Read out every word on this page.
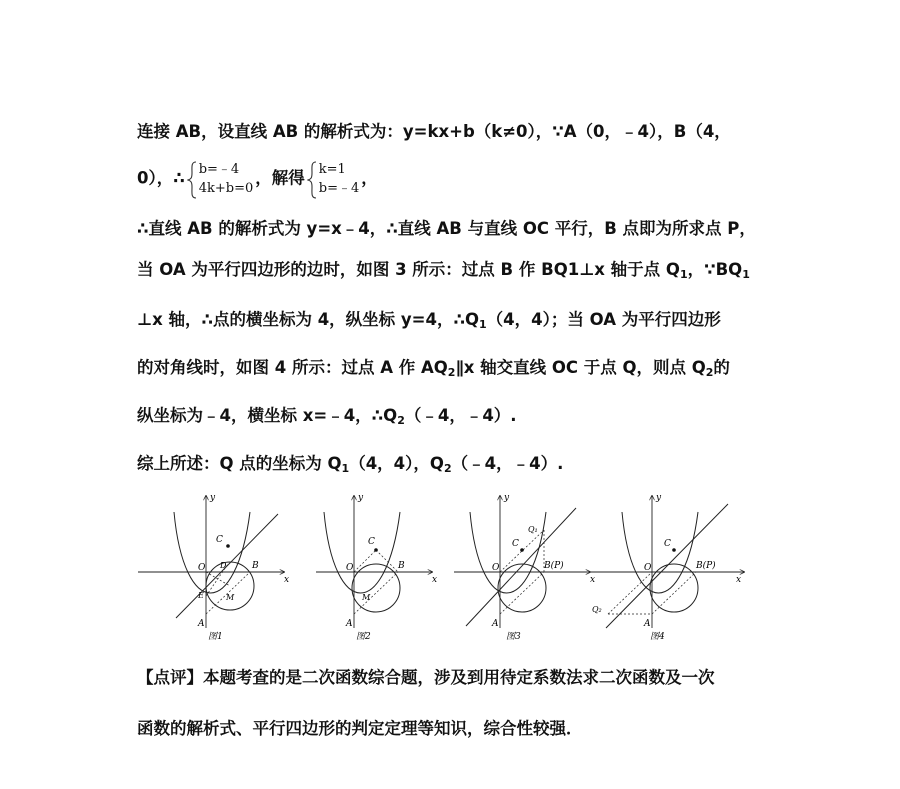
连接 AB，设直线 AB 的解析式为：y=kx+b（k≠0），∵A（0，﹣4），B（4，
0），∴ b=﹣4
4k+b=0
，解得 k=1
b=﹣4
，
∴直线 AB 的解析式为 y=x﹣4，∴直线 AB 与直线 OC 平行，B 点即为所求点 P，
当 OA 为平行四边形的边时，如图 3 所示：过点 B 作 BQ1⊥x 轴于点 $Q_1$，$\because BQ_1$
⊥x 轴，∴点的横坐标为 4，纵坐标 y=4，$\therefore Q_1(4$，4）；当 OA 为平行四边形
的对角线时，如图 4 所示：过点 A 作 $AQ_2\parallel x$ 轴交直线 OC 于点 Q，则点 $Q_2$的
纵坐标为﹣4，横坐标 x=﹣4，$\therefore Q_2(﹣4$，﹣4）.
综上所述：Q 点的坐标为 $Q_1(4$，4），$Q_2(﹣4$，﹣4）.
C
O	B
D
E	M
A
y
x
图1
C
O	B
M
A
y
x
图2
C
Q₁
O	B(P)
A
y
x
图3
C
Q₂
O	B(P)
A
y
x
图4
【点评】本题考查的是二次函数综合题，涉及到用待定系数法求二次函数及一次
函数的解析式、平行四边形的判定定理等知识，综合性较强．
